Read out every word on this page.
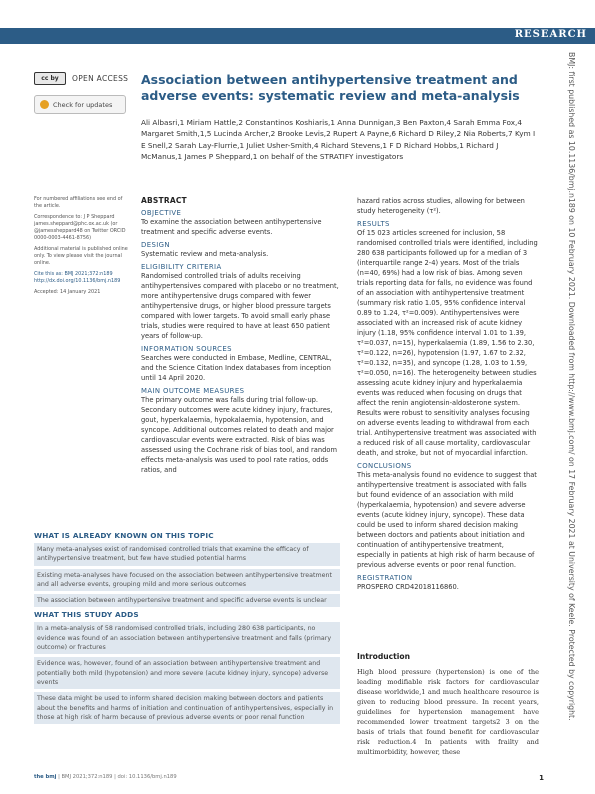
RESEARCH
cc by	OPEN ACCESS
Check for updates
Association between antihypertensive treatment and adverse events: systematic review and meta-analysis

Ali Albasri,1 Miriam Hattle,2 Constantinos Koshiaris,1 Anna Dunnigan,3 Ben Paxton,4 Sarah Emma Fox,4 Margaret Smith,1,5 Lucinda Archer,2 Brooke Levis,2 Rupert A Payne,6 Richard D Riley,2 Nia Roberts,7 Kym I E Snell,2 Sarah Lay-Flurrie,1 Juliet Usher-Smith,4 Richard Stevens,1 F D Richard Hobbs,1 Richard J McManus,1 James P Sheppard,1 on behalf of the STRATIFY investigators

For numbered affiliations see end of the article.

Correspondence to: J P Sheppard james.sheppard@phc.ox.ac.uk (or @jamessheppard48 on Twitter ORCID 0000-0003-4461-8756)

Additional material is published online only. To view please visit the journal online.

Cite this as: BMJ 2021;372:n189 http://dx.doi.org/10.1136/bmj.n189

Accepted: 14 January 2021

ABSTRACT
OBJECTIVE

To examine the association between antihypertensive treatment and specific adverse events.

DESIGN

Systematic review and meta-analysis.

ELIGIBILITY CRITERIA

Randomised controlled trials of adults receiving antihypertensives compared with placebo or no treatment, more antihypertensive drugs compared with fewer antihypertensive drugs, or higher blood pressure targets compared with lower targets. To avoid small early phase trials, studies were required to have at least 650 patient years of follow-up.

INFORMATION SOURCES

Searches were conducted in Embase, Medline, CENTRAL, and the Science Citation Index databases from inception until 14 April 2020.

MAIN OUTCOME MEASURES

The primary outcome was falls during trial follow-up. Secondary outcomes were acute kidney injury, fractures, gout, hyperkalaemia, hypokalaemia, hypotension, and syncope. Additional outcomes related to death and major cardiovascular events were extracted. Risk of bias was assessed using the Cochrane risk of bias tool, and random effects meta-analysis was used to pool rate ratios, odds ratios, and

hazard ratios across studies, allowing for between study heterogeneity (τ²).

RESULTS

Of 15 023 articles screened for inclusion, 58 randomised controlled trials were identified, including 280 638 participants followed up for a median of 3 (interquartile range 2-4) years. Most of the trials (n=40, 69%) had a low risk of bias. Among seven trials reporting data for falls, no evidence was found of an association with antihypertensive treatment (summary risk ratio 1.05, 95% confidence interval 0.89 to 1.24, τ²=0.009). Antihypertensives were associated with an increased risk of acute kidney injury (1.18, 95% confidence interval 1.01 to 1.39, τ²=0.037, n=15), hyperkalaemia (1.89, 1.56 to 2.30, τ²=0.122, n=26), hypotension (1.97, 1.67 to 2.32, τ²=0.132, n=35), and syncope (1.28, 1.03 to 1.59, τ²=0.050, n=16). The heterogeneity between studies assessing acute kidney injury and hyperkalaemia events was reduced when focusing on drugs that affect the renin angiotensin-aldosterone system. Results were robust to sensitivity analyses focusing on adverse events leading to withdrawal from each trial. Antihypertensive treatment was associated with a reduced risk of all cause mortality, cardiovascular death, and stroke, but not of myocardial infarction.

CONCLUSIONS

This meta-analysis found no evidence to suggest that antihypertensive treatment is associated with falls but found evidence of an association with mild (hyperkalaemia, hypotension) and severe adverse events (acute kidney injury, syncope). These data could be used to inform shared decision making between doctors and patients about initiation and continuation of antihypertensive treatment, especially in patients at high risk of harm because of previous adverse events or poor renal function.

REGISTRATION

PROSPERO CRD42018116860.

WHAT IS ALREADY KNOWN ON THIS TOPIC
Many meta-analyses exist of randomised controlled trials that examine the efficacy of antihypertensive treatment, but few have studied potential harms
Existing meta-analyses have focused on the association between antihypertensive treatment and all adverse events, grouping mild and more serious outcomes
The association between antihypertensive treatment and specific adverse events is unclear
WHAT THIS STUDY ADDS
In a meta-analysis of 58 randomised controlled trials, including 280 638 participants, no evidence was found of an association between antihypertensive treatment and falls (primary outcome) or fractures
Evidence was, however, found of an association between antihypertensive treatment and potentially both mild (hypotension) and more severe (acute kidney injury, syncope) adverse events
These data might be used to inform shared decision making between doctors and patients about the benefits and harms of initiation and continuation of antihypertensives, especially in those at high risk of harm because of previous adverse events or poor renal function
Introduction

High blood pressure (hypertension) is one of the leading modifiable risk factors for cardiovascular disease worldwide,1 and much healthcare resource is given to reducing blood pressure. In recent years, guidelines for hypertension management have recommended lower treatment targets2 3 on the basis of trials that found benefit for cardiovascular risk reduction.4 In patients with frailty and multimorbidity, however, these

the bmj | BMJ 2021;372:n189 | doi: 10.1136/bmj.n189	1
BMJ: first published as 10.1136/bmj.n189 on 10 February 2021. Downloaded from http://www.bmj.com/ on 17 February 2021 at University of Keele. Protected by copyright.
